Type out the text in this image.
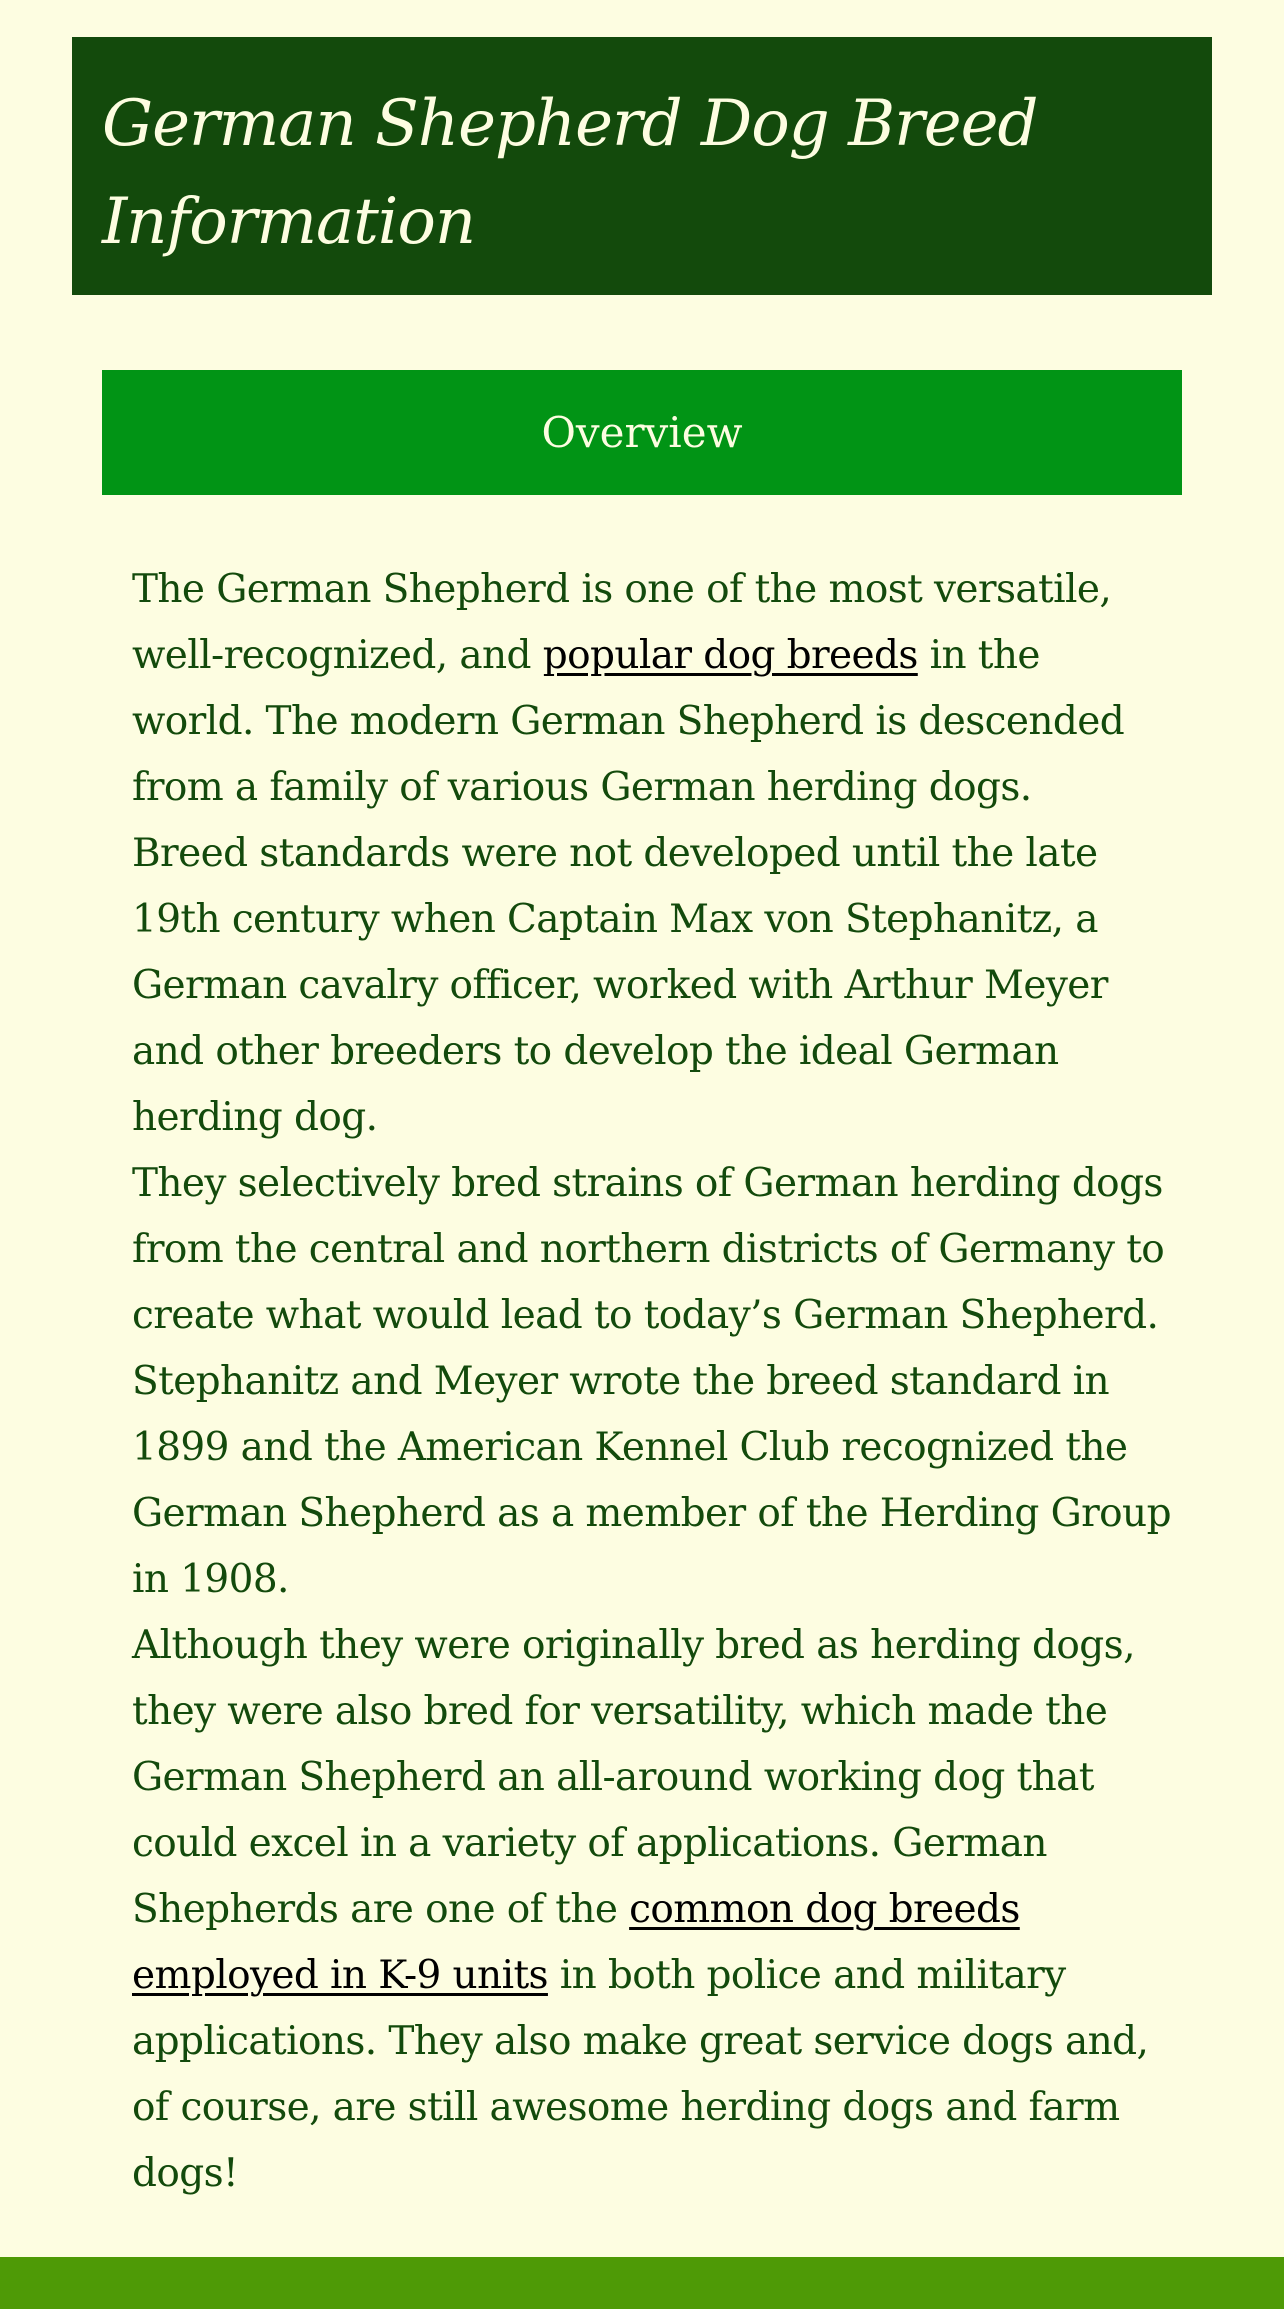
German Shepherd Dog Breed Information
Overview

The German Shepherd is one of the most versatile, well-recognized, and popular dog breeds in the world. The modern German Shepherd is descended from a family of various German herding dogs.

Breed standards were not developed until the late 19th century when Captain Max von Stephanitz, a German cavalry officer, worked with Arthur Meyer and other breeders to develop the ideal German herding dog.

They selectively bred strains of German herding dogs from the central and northern districts of Germany to create what would lead to today’s German Shepherd. Stephanitz and Meyer wrote the breed standard in 1899 and the American Kennel Club recognized the German Shepherd as a member of the Herding Group in 1908.

Although they were originally bred as herding dogs, they were also bred for versatility, which made the German Shepherd an all-around working dog that could excel in a variety of applications. German Shepherds are one of the common dog breeds employed in K-9 units in both police and military applications. They also make great service dogs and, of course, are still awesome herding dogs and farm dogs!
